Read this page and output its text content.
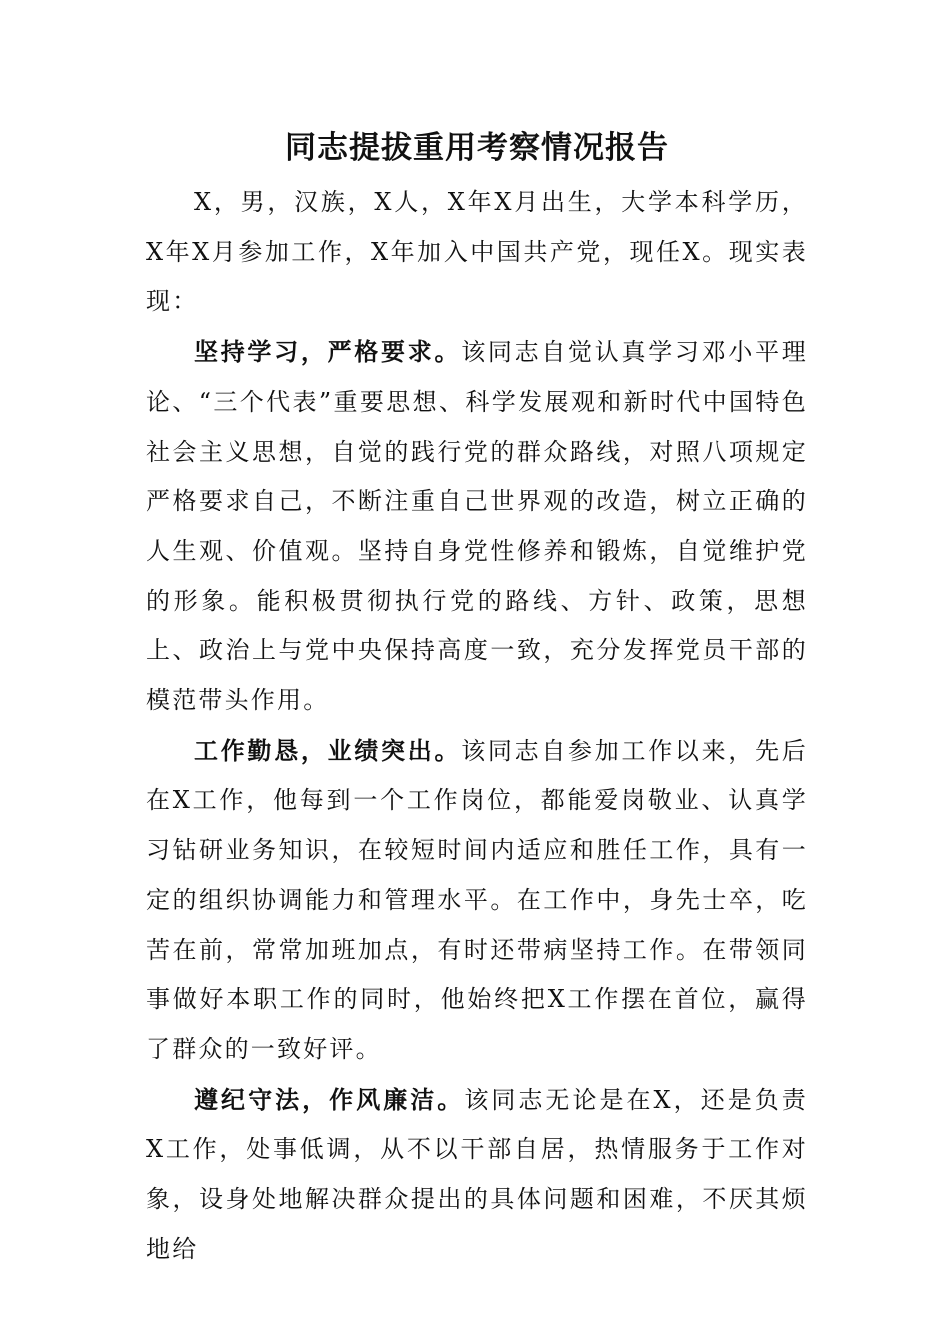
同志提拔重用考察情况报告

X，男，汉族，X人，X年X月出生，大学本科学历，X年X月参加工作，X年加入中国共产党，现任X。现实表现：

坚持学习，严格要求。该同志自觉认真学习邓小平理论、“三个代表”重要思想、科学发展观和新时代中国特色社会主义思想，自觉的践行党的群众路线，对照八项规定严格要求自己，不断注重自己世界观的改造，树立正确的人生观、价值观。坚持自身党性修养和锻炼，自觉维护党的形象。能积极贯彻执行党的路线、方针、政策，思想上、政治上与党中央保持高度一致，充分发挥党员干部的模范带头作用。

工作勤恳，业绩突出。该同志自参加工作以来，先后在X工作，他每到一个工作岗位，都能爱岗敬业、认真学习钻研业务知识，在较短时间内适应和胜任工作，具有一定的组织协调能力和管理水平。在工作中，身先士卒，吃苦在前，常常加班加点，有时还带病坚持工作。在带领同事做好本职工作的同时，他始终把X工作摆在首位，赢得了群众的一致好评。

遵纪守法，作风廉洁。该同志无论是在X，还是负责X工作，处事低调，从不以干部自居，热情服务于工作对象，设身处地解决群众提出的具体问题和困难，不厌其烦地给
